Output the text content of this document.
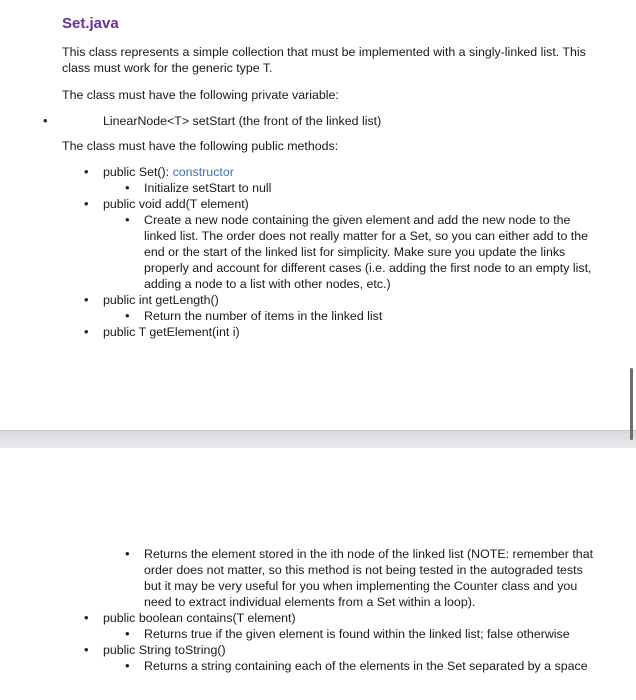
Set.java

This class represents a simple collection that must be implemented with a singly-linked list. This class must work for the generic type T.

The class must have the following private variable:

• LinearNode<T> setStart (the front of the linked list)

The class must have the following public methods:

• public Set(): constructor
• Initialize setStart to null
• public void add(T element)
• Create a new node containing the given element and add the new node to the linked list. The order does not really matter for a Set, so you can either add to the end or the start of the linked list for simplicity. Make sure you update the links properly and account for different cases (i.e. adding the first node to an empty list, adding a node to a list with other nodes, etc.)
• public int getLength()
• Return the number of items in the linked list
• public T getElement(int i)
• Returns the element stored in the ith node of the linked list (NOTE: remember that order does not matter, so this method is not being tested in the autograded tests but it may be very useful for you when implementing the Counter class and you need to extract individual elements from a Set within a loop).
• public boolean contains(T element)
• Returns true if the given element is found within the linked list; false otherwise
• public String toString()
• Returns a string containing each of the elements in the Set separated by a space
